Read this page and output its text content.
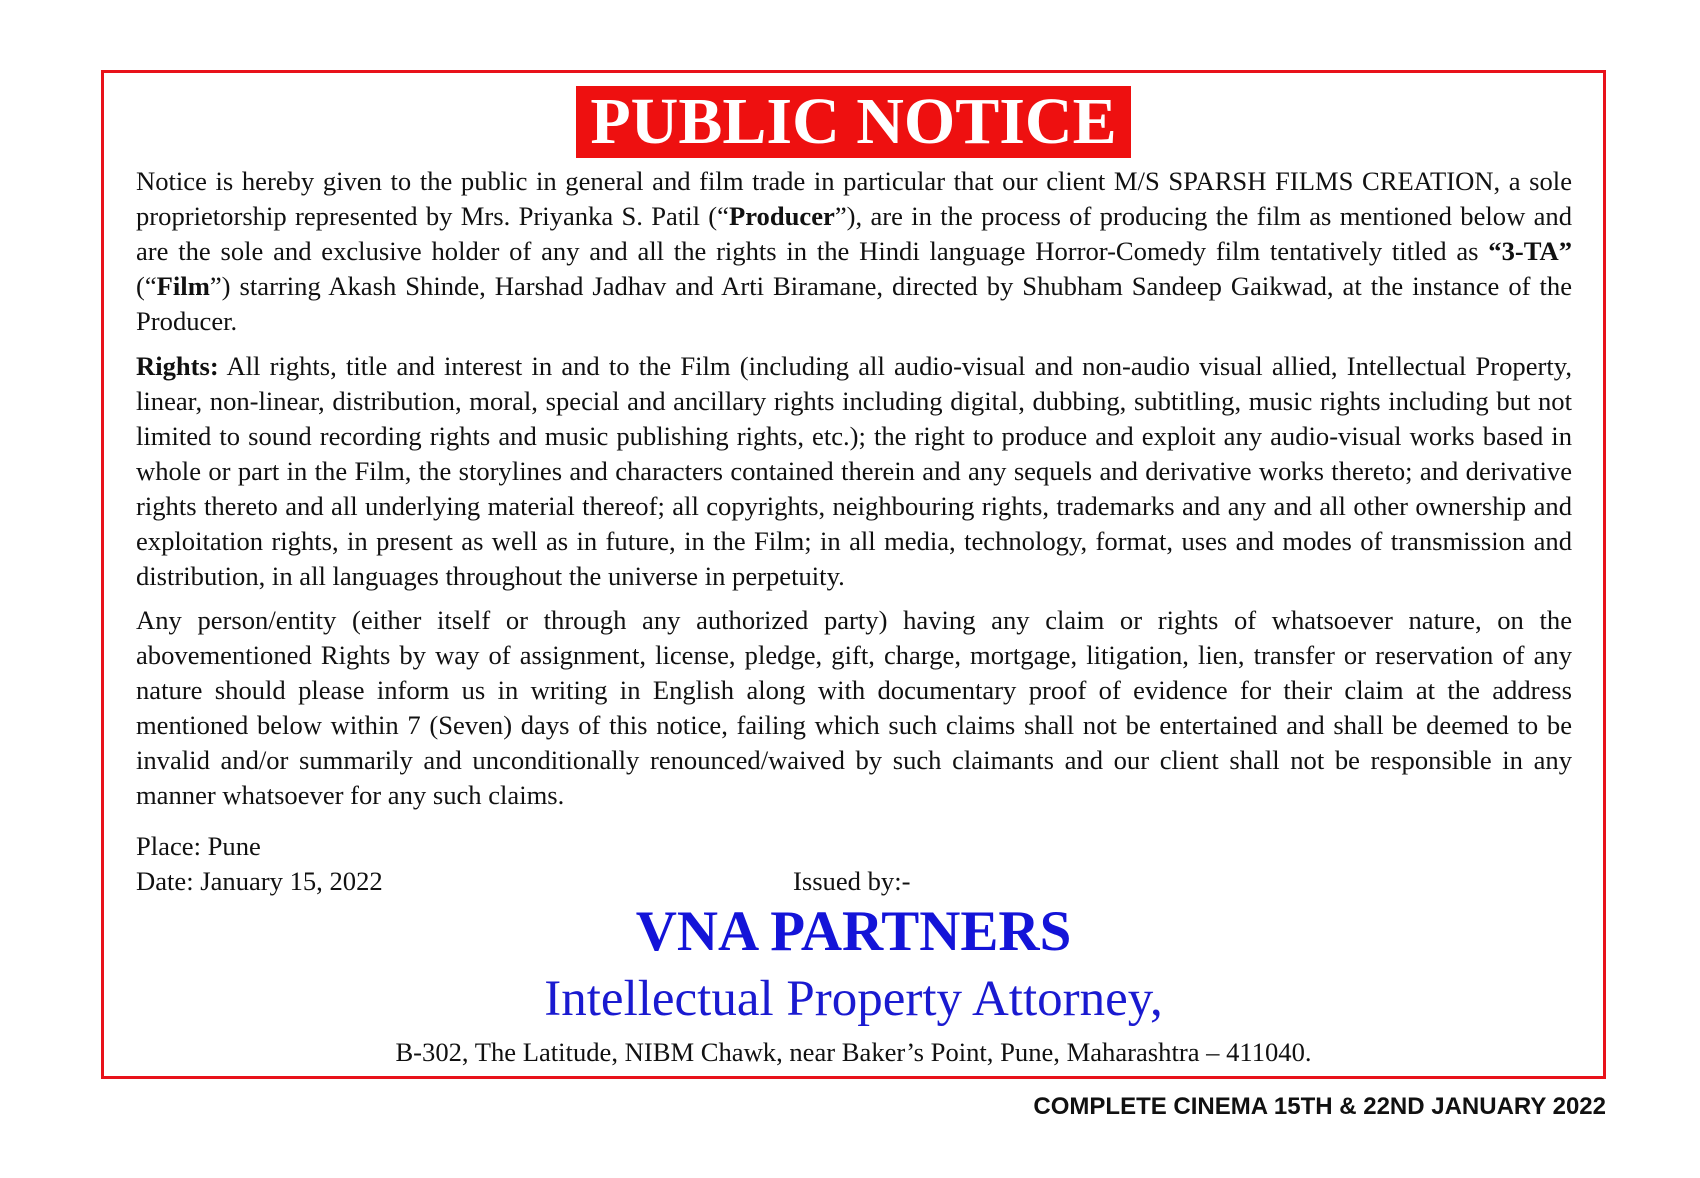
PUBLIC NOTICE
Notice is hereby given to the public in general and film trade in particular that our client M/S SPARSH FILMS CREATION, a sole proprietorship represented by Mrs. Priyanka S. Patil (“Producer”), are in the process of producing the film as mentioned below and are the sole and exclusive holder of any and all the rights in the Hindi language Horror-Comedy film tentatively titled as “3-TA” (“Film”) starring Akash Shinde, Harshad Jadhav and Arti Biramane, directed by Shubham Sandeep Gaikwad, at the instance of the Producer.
Rights: All rights, title and interest in and to the Film (including all audio-visual and non-audio visual allied, Intellectual Property, linear, non-linear, distribution, moral, special and ancillary rights including digital, dubbing, subtitling, music rights including but not limited to sound recording rights and music publishing rights, etc.); the right to produce and exploit any audio-visual works based in whole or part in the Film, the storylines and characters contained therein and any sequels and derivative works thereto; and derivative rights thereto and all underlying material thereof; all copyrights, neighbouring rights, trademarks and any and all other ownership and exploitation rights, in present as well as in future, in the Film; in all media, technology, format, uses and modes of transmission and distribution, in all languages throughout the universe in perpetuity.
Any person/entity (either itself or through any authorized party) having any claim or rights of whatsoever nature, on the abovementioned Rights by way of assignment, license, pledge, gift, charge, mortgage, litigation, lien, transfer or reservation of any nature should please inform us in writing in English along with documentary proof of evidence for their claim at the address mentioned below within 7 (Seven) days of this notice, failing which such claims shall not be entertained and shall be deemed to be invalid and/or summarily and unconditionally renounced/waived by such claimants and our client shall not be responsible in any manner whatsoever for any such claims.
Place: Pune
Date: January 15, 2022	Issued by:-
VNA PARTNERS
Intellectual Property Attorney,
B-302, The Latitude, NIBM Chawk, near Baker’s Point, Pune, Maharashtra – 411040.
COMPLETE CINEMA 15TH & 22ND JANUARY 2022
